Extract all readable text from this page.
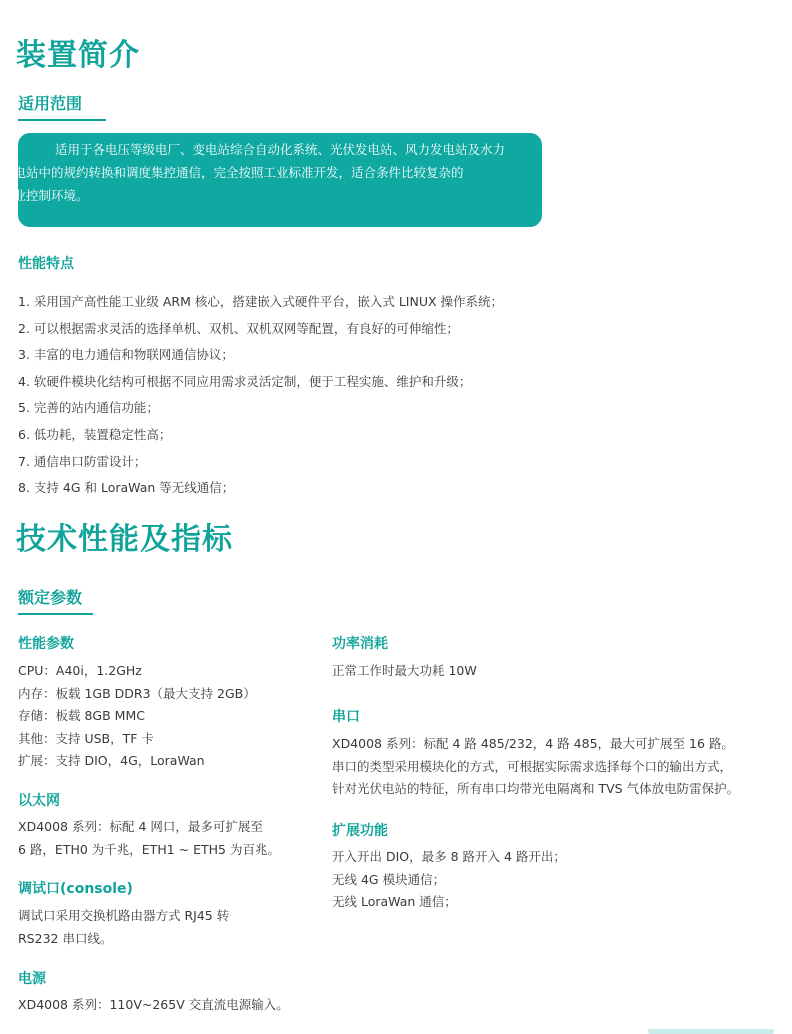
装置简介
适用范围

适用于各电压等级电厂、变电站综合自动化系统、光伏发电站、风力发电站及水力
发电站中的规约转换和调度集控通信，完全按照工业标准开发，适合条件比较复杂的
工业控制环境。

性能特点
1. 采用国产高性能工业级 ARM 核心，搭建嵌入式硬件平台，嵌入式 LINUX 操作系统；
2. 可以根据需求灵活的选择单机、双机、双机双网等配置，有良好的可伸缩性；
3. 丰富的电力通信和物联网通信协议；
4. 软硬件模块化结构可根据不同应用需求灵活定制，便于工程实施、维护和升级；
5. 完善的站内通信功能；
6. 低功耗，装置稳定性高；
7. 通信串口防雷设计；
8. 支持 4G 和 LoraWan 等无线通信；
技术性能及指标
额定参数
性能参数
CPU：A40i，1.2GHz
内存：板载 1GB DDR3（最大支持 2GB）
存储：板载 8GB MMC
其他：支持 USB，TF 卡
扩展：支持 DIO，4G，LoraWan
以太网
XD4008 系列：标配 4 网口，最多可扩展至
6 路，ETH0 为千兆，ETH1 ~ ETH5 为百兆。
调试口(console)
调试口采用交换机路由器方式 RJ45 转
RS232 串口线。
电源
XD4008 系列：110V~265V 交直流电源输入。
功率消耗
正常工作时最大功耗 10W
串口
XD4008 系列：标配 4 路 485/232，4 路 485，最大可扩展至 16 路。
串口的类型采用模块化的方式，可根据实际需求选择每个口的输出方式，
针对光伏电站的特征，所有串口均带光电隔离和 TVS 气体放电防雷保护。
扩展功能
开入开出 DIO，最多 8 路开入 4 路开出；
无线 4G 模块通信；
无线 LoraWan 通信；
